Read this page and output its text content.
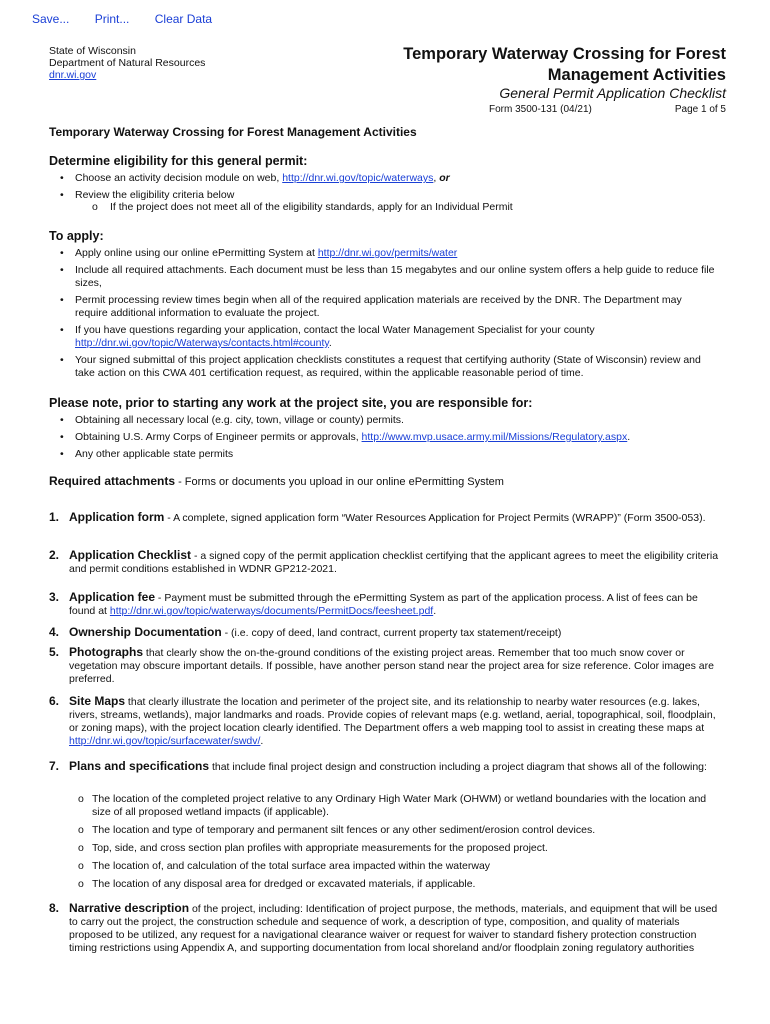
Save... Print... Clear Data
State of Wisconsin
Department of Natural Resources
dnr.wi.gov
Temporary Waterway Crossing for Forest
Management Activities
General Permit Application Checklist
Form 3500-131 (04/21)	Page 1 of 5
Temporary Waterway Crossing for Forest Management Activities
Determine eligibility for this general permit:
• Choose an activity decision module on web, http://dnr.wi.gov/topic/waterways, or
• Review the eligibility criteria below
o If the project does not meet all of the eligibility standards, apply for an Individual Permit
To apply:
• Apply online using our online ePermitting System at http://dnr.wi.gov/permits/water
• Include all required attachments. Each document must be less than 15 megabytes and our online system offers a help guide to reduce file sizes,
• Permit processing review times begin when all of the required application materials are received by the DNR. The Department may require additional information to evaluate the project.
• If you have questions regarding your application, contact the local Water Management Specialist for your county http://dnr.wi.gov/topic/Waterways/contacts.html#county.
• Your signed submittal of this project application checklists constitutes a request that certifying authority (State of Wisconsin) review and take action on this CWA 401 certification request, as required, within the applicable reasonable period of time.
Please note, prior to starting any work at the project site, you are responsible for:
• Obtaining all necessary local (e.g. city, town, village or county) permits.
• Obtaining U.S. Army Corps of Engineer permits or approvals, http://www.mvp.usace.army.mil/Missions/Regulatory.aspx.
• Any other applicable state permits
Required attachments - Forms or documents you upload in our online ePermitting System
1. Application form - A complete, signed application form “Water Resources Application for Project Permits (WRAPP)” (Form 3500-053).
2. Application Checklist - a signed copy of the permit application checklist certifying that the applicant agrees to meet the eligibility criteria and permit conditions established in WDNR GP212-2021.
3. Application fee - Payment must be submitted through the ePermitting System as part of the application process. A list of fees can be found at http://dnr.wi.gov/topic/waterways/documents/PermitDocs/feesheet.pdf.
4. Ownership Documentation - (i.e. copy of deed, land contract, current property tax statement/receipt)
5. Photographs that clearly show the on-the-ground conditions of the existing project areas. Remember that too much snow cover or vegetation may obscure important details. If possible, have another person stand near the project area for size reference. Color images are preferred.
6. Site Maps that clearly illustrate the location and perimeter of the project site, and its relationship to nearby water resources (e.g. lakes, rivers, streams, wetlands), major landmarks and roads. Provide copies of relevant maps (e.g. wetland, aerial, topographical, soil, floodplain, or zoning maps), with the project location clearly identified. The Department offers a web mapping tool to assist in creating these maps at http://dnr.wi.gov/topic/surfacewater/swdv/.
7. Plans and specifications that include final project design and construction including a project diagram that shows all of the following:
o The location of the completed project relative to any Ordinary High Water Mark (OHWM) or wetland boundaries with the location and size of all proposed wetland impacts (if applicable).
o The location and type of temporary and permanent silt fences or any other sediment/erosion control devices.
o Top, side, and cross section plan profiles with appropriate measurements for the proposed project.
o The location of, and calculation of the total surface area impacted within the waterway
o The location of any disposal area for dredged or excavated materials, if applicable.
8. Narrative description of the project, including: Identification of project purpose, the methods, materials, and equipment that will be used to carry out the project, the construction schedule and sequence of work, a description of type, composition, and quality of materials proposed to be utilized, any request for a navigational clearance waiver or request for waiver to standard fishery protection construction timing restrictions using Appendix A, and supporting documentation from local shoreland and/or floodplain zoning regulatory authorities
